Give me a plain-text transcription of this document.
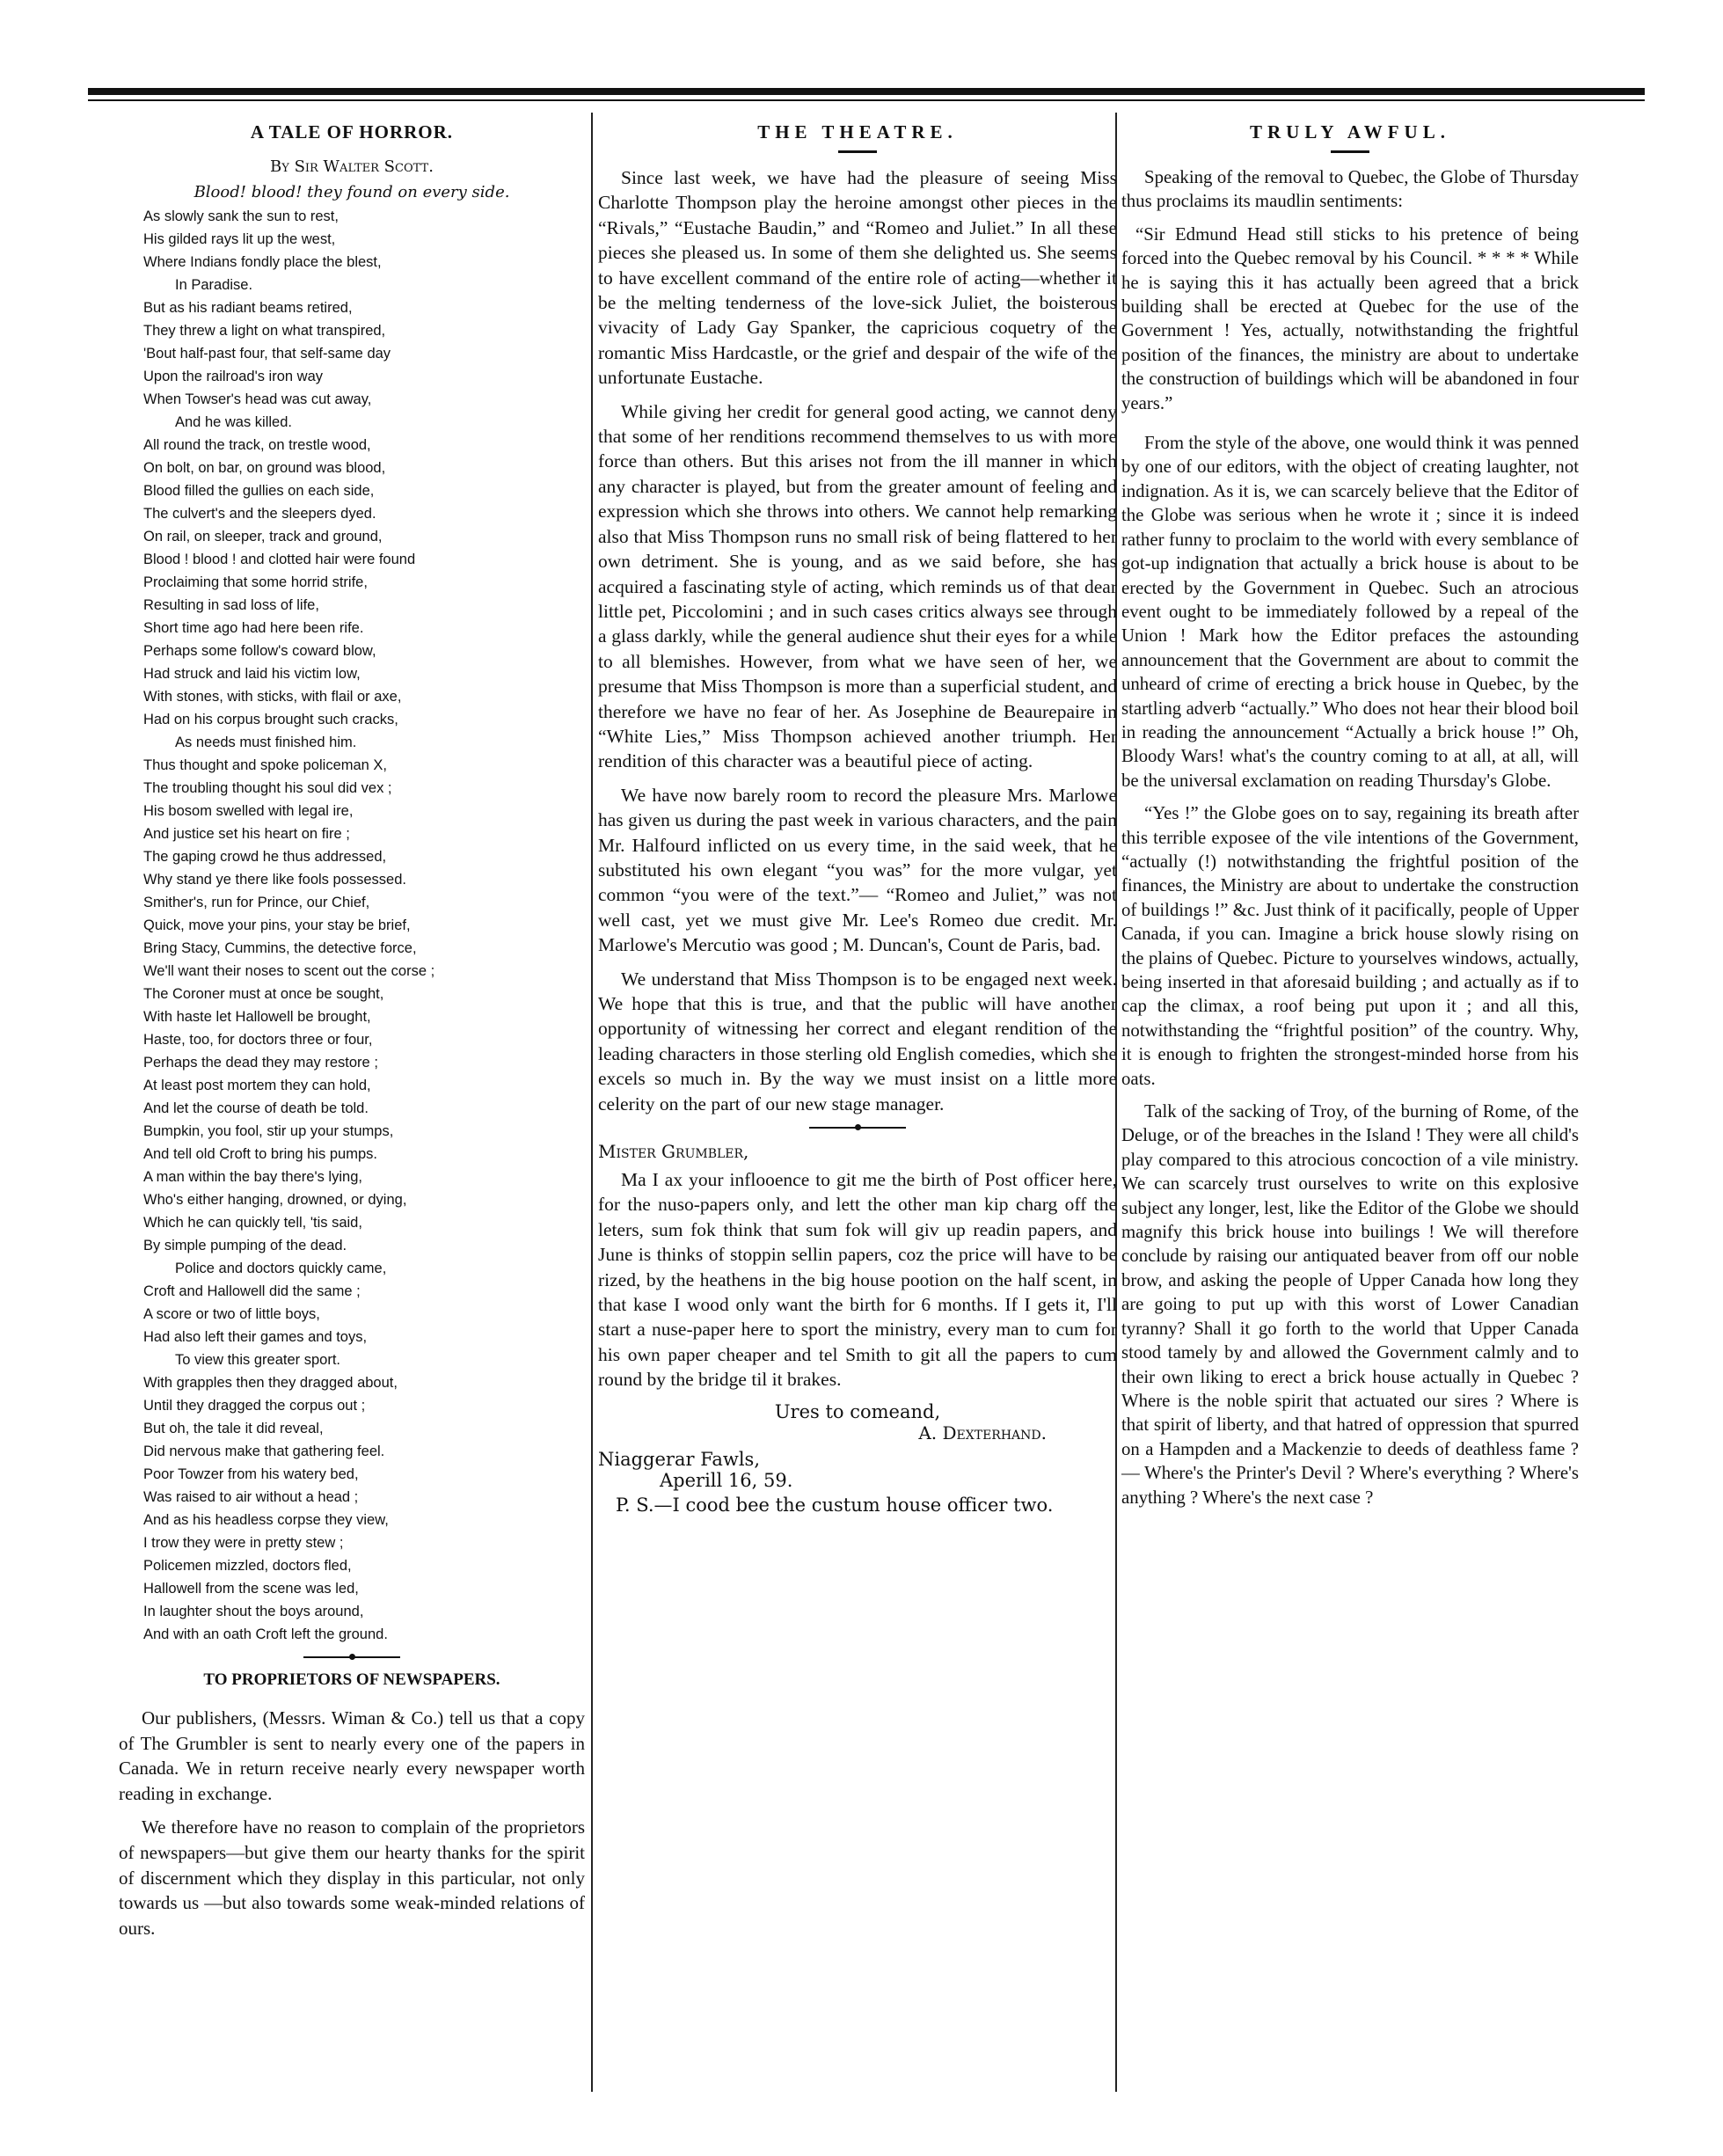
A TALE OF HORROR.
By Sir Walter Scott.
Blood! blood! they found on every side.
As slowly sank the sun to rest,
His gilded rays lit up the west,
Where Indians fondly place the blest,
In Paradise.
But as his radiant beams retired,
They threw a light on what transpired,
'Bout half-past four, that self-same day
Upon the railroad's iron way
When Towser's head was cut away,
And he was killed.
All round the track, on trestle wood,
On bolt, on bar, on ground was blood,
Blood filled the gullies on each side,
The culvert's and the sleepers dyed.
On rail, on sleeper, track and ground,
Blood ! blood ! and clotted hair were found
Proclaiming that some horrid strife,
Resulting in sad loss of life,
Short time ago had here been rife.
Perhaps some follow's coward blow,
Had struck and laid his victim low,
With stones, with sticks, with flail or axe,
Had on his corpus brought such cracks,
As needs must finished him.
Thus thought and spoke policeman X,
The troubling thought his soul did vex ;
His bosom swelled with legal ire,
And justice set his heart on fire ;
The gaping crowd he thus addressed,
Why stand ye there like fools possessed.
Smither's, run for Prince, our Chief,
Quick, move your pins, your stay be brief,
Bring Stacy, Cummins, the detective force,
We'll want their noses to scent out the corse ;
The Coroner must at once be sought,
With haste let Hallowell be brought,
Haste, too, for doctors three or four,
Perhaps the dead they may restore ;
At least post mortem they can hold,
And let the course of death be told.
Bumpkin, you fool, stir up your stumps,
And tell old Croft to bring his pumps.
A man within the bay there's lying,
Who's either hanging, drowned, or dying,
Which he can quickly tell, 'tis said,
By simple pumping of the dead.
Police and doctors quickly came,
Croft and Hallowell did the same ;
A score or two of little boys,
Had also left their games and toys,
To view this greater sport.
With grapples then they dragged about,
Until they dragged the corpus out ;
But oh, the tale it did reveal,
Did nervous make that gathering feel.
Poor Towzer from his watery bed,
Was raised to air without a head ;
And as his headless corpse they view,
I trow they were in pretty stew ;
Policemen mizzled, doctors fled,
Hallowell from the scene was led,
In laughter shout the boys around,
And with an oath Croft left the ground.
TO PROPRIETORS OF NEWSPAPERS.

Our publishers, (Messrs. Wiman & Co.) tell us that a copy of The Grumbler is sent to nearly every one of the papers in Canada. We in return receive nearly every newspaper worth reading in exchange.

We therefore have no reason to complain of the proprietors of newspapers—but give them our hearty thanks for the spirit of discernment which they display in this particular, not only towards us —but also towards some weak-minded relations of ours.

THE THEATRE.

Since last week, we have had the pleasure of seeing Miss Charlotte Thompson play the heroine amongst other pieces in the “Rivals,” “Eustache Baudin,” and “Romeo and Juliet.” In all these pieces she pleased us. In some of them she delighted us. She seems to have excellent command of the entire role of acting—whether it be the melting tenderness of the love-sick Juliet, the boisterous vivacity of Lady Gay Spanker, the capricious coquetry of the romantic Miss Hardcastle, or the grief and despair of the wife of the unfortunate Eustache.

While giving her credit for general good acting, we cannot deny that some of her renditions recommend themselves to us with more force than others. But this arises not from the ill manner in which any character is played, but from the greater amount of feeling and expression which she throws into others. We cannot help remarking also that Miss Thompson runs no small risk of being flattered to her own detriment. She is young, and as we said before, she has acquired a fascinating style of acting, which reminds us of that dear little pet, Piccolomini ; and in such cases critics always see through a glass darkly, while the general audience shut their eyes for a while to all blemishes. However, from what we have seen of her, we presume that Miss Thompson is more than a superficial student, and therefore we have no fear of her. As Josephine de Beaurepaire in “White Lies,” Miss Thompson achieved another triumph. Her rendition of this character was a beautiful piece of acting.

We have now barely room to record the pleasure Mrs. Marlowe has given us during the past week in various characters, and the pain Mr. Halfourd inflicted on us every time, in the said week, that he substituted his own elegant “you was” for the more vulgar, yet common “you were of the text.”— “Romeo and Juliet,” was not well cast, yet we must give Mr. Lee's Romeo due credit. Mr. Marlowe's Mercutio was good ; M. Duncan's, Count de Paris, bad.

We understand that Miss Thompson is to be engaged next week. We hope that this is true, and that the public will have another opportunity of witnessing her correct and elegant rendition of the leading characters in those sterling old English comedies, which she excels so much in. By the way we must insist on a little more celerity on the part of our new stage manager.

Mister Grumbler,

Ma I ax your inflooence to git me the birth of Post officer here, for the nuso-papers only, and lett the other man kip charg off the leters, sum fok think that sum fok will giv up readin papers, and June is thinks of stoppin sellin papers, coz the price will have to be rized, by the heathens in the big house pootion on the half scent, in that kase I wood only want the birth for 6 months. If I gets it, I'll start a nuse-paper here to sport the ministry, every man to cum for his own paper cheaper and tel Smith to git all the papers to cum round by the bridge til it brakes.

Ures to comeand,
A. Dexterhand.
Niaggerar Fawls,
Aperill 16, 59.
P. S.—I cood bee the custum house officer two.
TRULY AWFUL.

Speaking of the removal to Quebec, the Globe of Thursday thus proclaims its maudlin sentiments:

“Sir Edmund Head still sticks to his pretence of being forced into the Quebec removal by his Council. * * * * While he is saying this it has actually been agreed that a brick building shall be erected at Quebec for the use of the Government ! Yes, actually, notwithstanding the frightful position of the finances, the ministry are about to undertake the construction of buildings which will be abandoned in four years.”

From the style of the above, one would think it was penned by one of our editors, with the object of creating laughter, not indignation. As it is, we can scarcely believe that the Editor of the Globe was serious when he wrote it ; since it is indeed rather funny to proclaim to the world with every semblance of got-up indignation that actually a brick house is about to be erected by the Government in Quebec. Such an atrocious event ought to be immediately followed by a repeal of the Union ! Mark how the Editor prefaces the astounding announcement that the Government are about to commit the unheard of crime of erecting a brick house in Quebec, by the startling adverb “actually.” Who does not hear their blood boil in reading the announcement “Actually a brick house !” Oh, Bloody Wars! what's the country coming to at all, at all, will be the universal exclamation on reading Thursday's Globe.

“Yes !” the Globe goes on to say, regaining its breath after this terrible exposee of the vile intentions of the Government, “actually (!) notwithstanding the frightful position of the finances, the Ministry are about to undertake the construction of buildings !” &c. Just think of it pacifically, people of Upper Canada, if you can. Imagine a brick house slowly rising on the plains of Quebec. Picture to yourselves windows, actually, being inserted in that aforesaid building ; and actually as if to cap the climax, a roof being put upon it ; and all this, notwithstanding the “frightful position” of the country. Why, it is enough to frighten the strongest-minded horse from his oats.

Talk of the sacking of Troy, of the burning of Rome, of the Deluge, or of the breaches in the Island ! They were all child's play compared to this atrocious concoction of a vile ministry. We can scarcely trust ourselves to write on this explosive subject any longer, lest, like the Editor of the Globe we should magnify this brick house into builings ! We will therefore conclude by raising our antiquated beaver from off our noble brow, and asking the people of Upper Canada how long they are going to put up with this worst of Lower Canadian tyranny? Shall it go forth to the world that Upper Canada stood tamely by and allowed the Government calmly and to their own liking to erect a brick house actually in Quebec ? Where is the noble spirit that actuated our sires ? Where is that spirit of liberty, and that hatred of oppression that spurred on a Hampden and a Mackenzie to deeds of deathless fame ?— Where's the Printer's Devil ? Where's everything ? Where's anything ? Where's the next case ?
